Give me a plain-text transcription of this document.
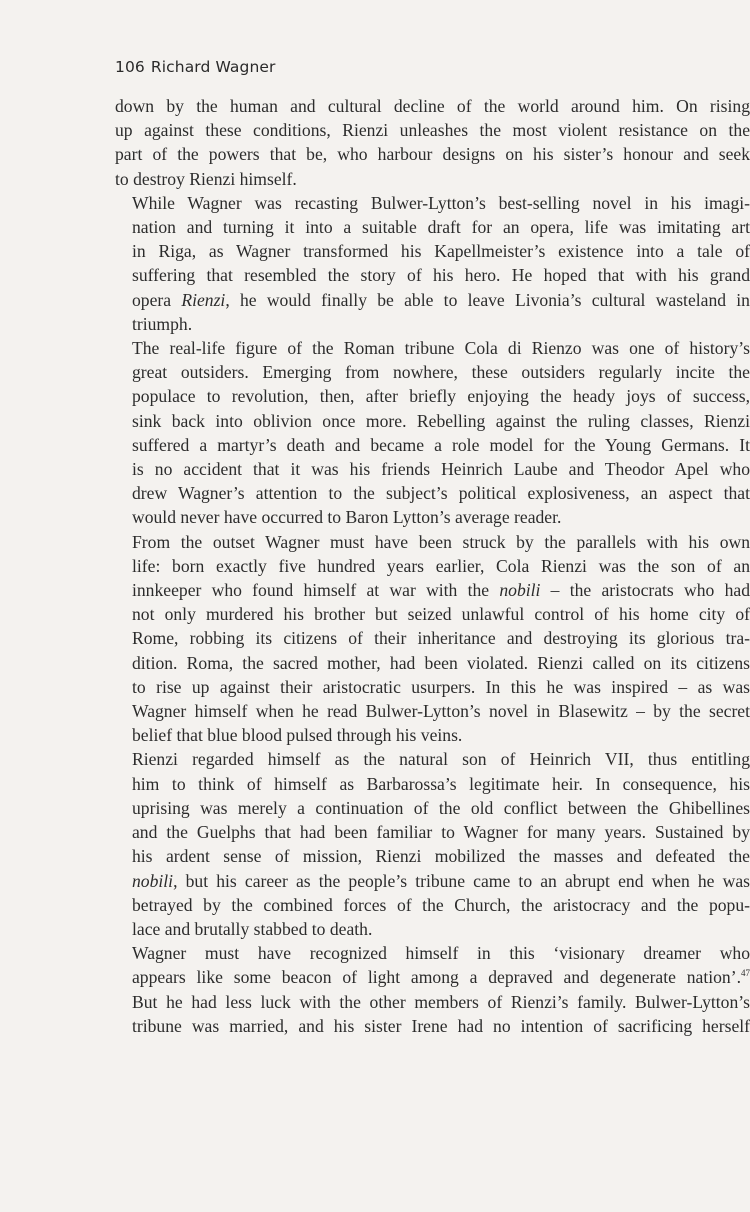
106 Richard Wagner

down by the human and cultural decline of the world around him. On rising
up against these conditions, Rienzi unleashes the most violent resistance on the
part of the powers that be, who harbour designs on his sister’s honour and seek
to destroy Rienzi himself.

While Wagner was recasting Bulwer-Lytton’s best-selling novel in his imagi-
nation and turning it into a suitable draft for an opera, life was imitating art
in Riga, as Wagner transformed his Kapellmeister’s existence into a tale of
suffering that resembled the story of his hero. He hoped that with his grand
opera Rienzi, he would finally be able to leave Livonia’s cultural wasteland in
triumph.

The real-life figure of the Roman tribune Cola di Rienzo was one of history’s
great outsiders. Emerging from nowhere, these outsiders regularly incite the
populace to revolution, then, after briefly enjoying the heady joys of success,
sink back into oblivion once more. Rebelling against the ruling classes, Rienzi
suffered a martyr’s death and became a role model for the Young Germans. It
is no accident that it was his friends Heinrich Laube and Theodor Apel who
drew Wagner’s attention to the subject’s political explosiveness, an aspect that
would never have occurred to Baron Lytton’s average reader.

From the outset Wagner must have been struck by the parallels with his own
life: born exactly five hundred years earlier, Cola Rienzi was the son of an
innkeeper who found himself at war with the nobili – the aristocrats who had
not only murdered his brother but seized unlawful control of his home city of
Rome, robbing its citizens of their inheritance and destroying its glorious tra-
dition. Roma, the sacred mother, had been violated. Rienzi called on its citizens
to rise up against their aristocratic usurpers. In this he was inspired – as was
Wagner himself when he read Bulwer-Lytton’s novel in Blasewitz – by the secret
belief that blue blood pulsed through his veins.

Rienzi regarded himself as the natural son of Heinrich VII, thus entitling
him to think of himself as Barbarossa’s legitimate heir. In consequence, his
uprising was merely a continuation of the old conflict between the Ghibellines
and the Guelphs that had been familiar to Wagner for many years. Sustained by
his ardent sense of mission, Rienzi mobilized the masses and defeated the
nobili, but his career as the people’s tribune came to an abrupt end when he was
betrayed by the combined forces of the Church, the aristocracy and the popu-
lace and brutally stabbed to death.

Wagner must have recognized himself in this ‘visionary dreamer who
appears like some beacon of light among a depraved and degenerate nation’.$^{47}$
But he had less luck with the other members of Rienzi’s family. Bulwer-Lytton’s
tribune was married, and his sister Irene had no intention of sacrificing herself
